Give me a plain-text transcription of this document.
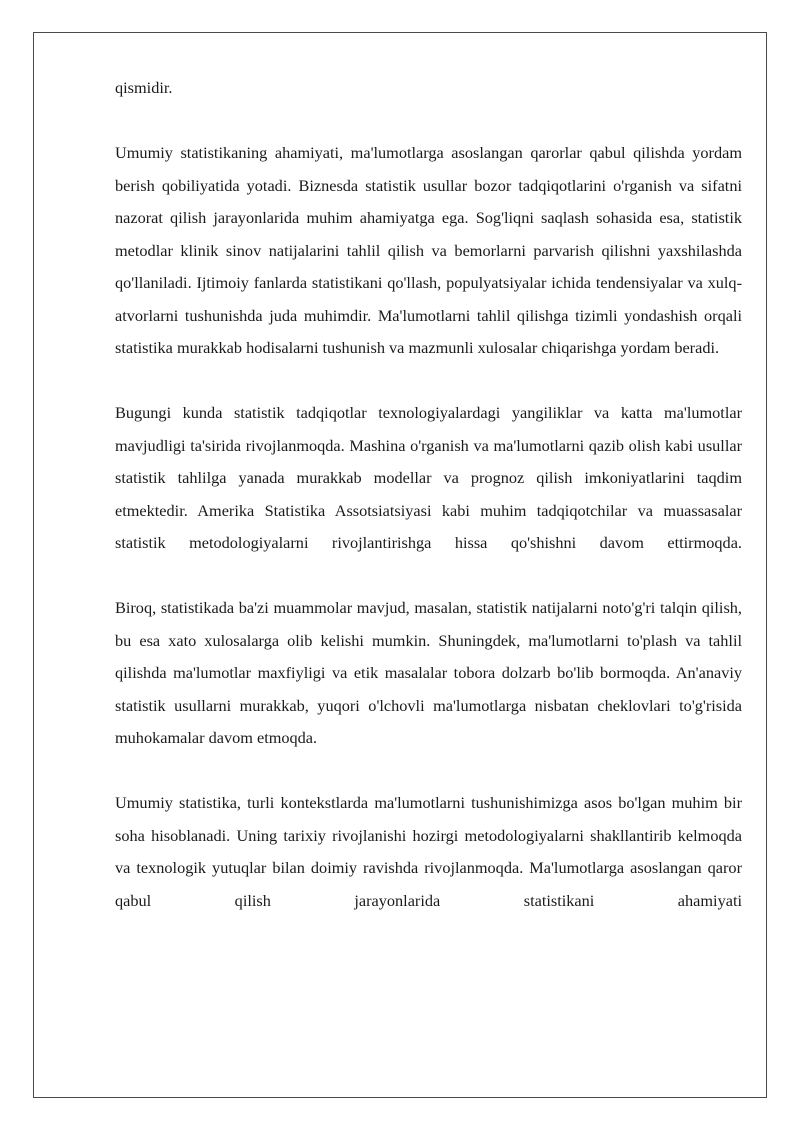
qismidir.

Umumiy statistikaning ahamiyati, ma'lumotlarga asoslangan qarorlar qabul qilishda yordam berish qobiliyatida yotadi. Biznesda statistik usullar bozor tadqiqotlarini o'rganish va sifatni nazorat qilish jarayonlarida muhim ahamiyatga ega. Sog'liqni saqlash sohasida esa, statistik metodlar klinik sinov natijalarini tahlil qilish va bemorlarni parvarish qilishni yaxshilashda qo'llaniladi. Ijtimoiy fanlarda statistikani qo'llash, populyatsiyalar ichida tendensiyalar va xulq-atvorlarni tushunishda juda muhimdir. Ma'lumotlarni tahlil qilishga tizimli yondashish orqali statistika murakkab hodisalarni tushunish va mazmunli xulosalar chiqarishga yordam beradi.

Bugungi kunda statistik tadqiqotlar texnologiyalardagi yangiliklar va katta ma'lumotlar mavjudligi ta'sirida rivojlanmoqda. Mashina o'rganish va ma'lumotlarni qazib olish kabi usullar statistik tahlilga yanada murakkab modellar va prognoz qilish imkoniyatlarini taqdim etmektedir. Amerika Statistika Assotsiatsiyasi kabi muhim tadqiqotchilar va muassasalar statistik metodologiyalarni rivojlantirishga hissa qo'shishni davom ettirmoqda.

Biroq, statistikada ba'zi muammolar mavjud, masalan, statistik natijalarni noto'g'ri talqin qilish, bu esa xato xulosalarga olib kelishi mumkin. Shuningdek, ma'lumotlarni to'plash va tahlil qilishda ma'lumotlar maxfiyligi va etik masalalar tobora dolzarb bo'lib bormoqda. An'anaviy statistik usullarni murakkab, yuqori o'lchovli ma'lumotlarga nisbatan cheklovlari to'g'risida muhokamalar davom etmoqda.

Umumiy statistika, turli kontekstlarda ma'lumotlarni tushunishimizga asos bo'lgan muhim bir soha hisoblanadi. Uning tarixiy rivojlanishi hozirgi metodologiyalarni shakllantirib kelmoqda va texnologik yutuqlar bilan doimiy ravishda rivojlanmoqda. Ma'lumotlarga asoslangan qaror qabul qilish jarayonlarida statistikani ahamiyati
